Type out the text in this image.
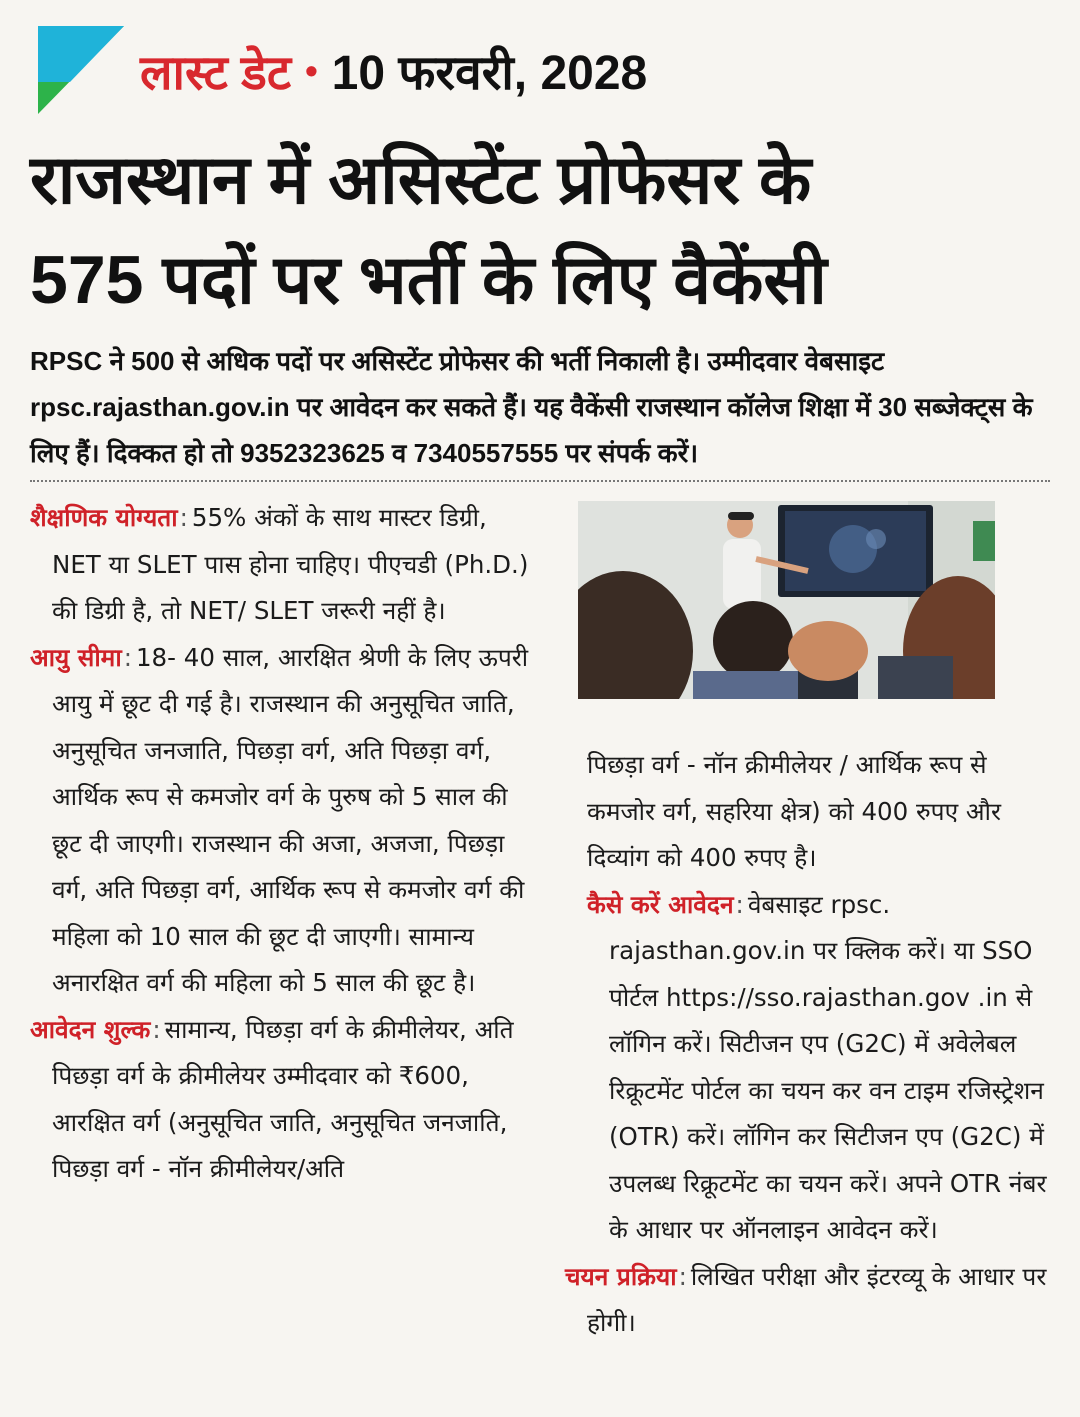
लास्ट डेट • 10 फरवरी, 2028
राजस्थान में असिस्टेंट प्रोफेसर के
575 पदों पर भर्ती के लिए वैकेंसी
RPSC ने 500 से अधिक पदों पर असिस्टेंट प्रोफेसर की भर्ती निकाली है। उम्मीदवार वेबसाइट rpsc.rajasthan.gov.in पर आवेदन कर सकते हैं। यह वैकेंसी राजस्थान कॉलेज शिक्षा में 30 सब्जेक्ट्स के लिए हैं। दिक्कत हो तो 9352323625 व 7340557555 पर संपर्क करें।
शैक्षणिक योग्यता: 55% अंकों के साथ मास्टर डिग्री, NET या SLET पास होना चाहिए। पीएचडी (Ph.D.) की डिग्री है, तो NET/ SLET जरूरी नहीं है।
आयु सीमा: 18- 40 साल, आरक्षित श्रेणी के लिए ऊपरी आयु में छूट दी गई है। राजस्थान की अनुसूचित जाति, अनुसूचित जनजाति, पिछड़ा वर्ग, अति पिछड़ा वर्ग, आर्थिक रूप से कमजोर वर्ग के पुरुष को 5 साल की छूट दी जाएगी। राजस्थान की अजा, अजजा, पिछड़ा वर्ग, अति पिछड़ा वर्ग, आर्थिक रूप से कमजोर वर्ग की महिला को 10 साल की छूट दी जाएगी। सामान्य अनारक्षित वर्ग की महिला को 5 साल की छूट है।
आवेदन शुल्क: सामान्य, पिछड़ा वर्ग के क्रीमीलेयर, अति पिछड़ा वर्ग के क्रीमीलेयर उम्मीदवार को ₹600, आरक्षित वर्ग (अनुसूचित जाति, अनुसूचित जनजाति, पिछड़ा वर्ग - नॉन क्रीमीलेयर/अति
पिछड़ा वर्ग - नॉन क्रीमीलेयर / आर्थिक रूप से कमजोर वर्ग, सहरिया क्षेत्र) को 400 रुपए और दिव्यांग को 400 रुपए है।
कैसे करें आवेदन: वेबसाइट rpsc. rajasthan.gov.in पर क्लिक करें। या SSO पोर्टल https://sso.rajasthan.gov .in से लॉगिन करें। सिटीजन एप (G2C) में अवेलेबल रिक्रूटमेंट पोर्टल का चयन कर वन टाइम रजिस्ट्रेशन (OTR) करें। लॉगिन कर सिटीजन एप (G2C) में उपलब्ध रिक्रूटमेंट का चयन करें। अपने OTR नंबर के आधार पर ऑनलाइन आवेदन करें।
चयन प्रक्रिया: लिखित परीक्षा और इंटरव्यू के आधार पर होगी।
